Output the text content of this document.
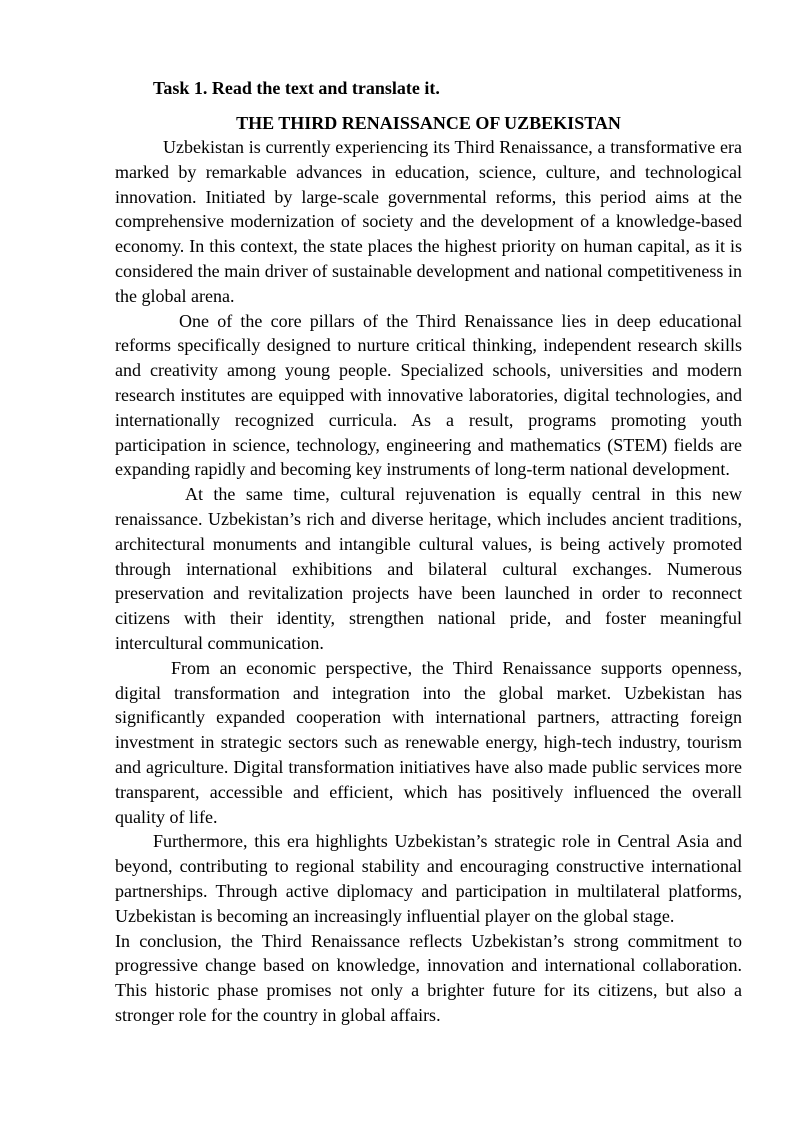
Task 1. Read the text and translate it.
THE THIRD RENAISSANCE OF UZBEKISTAN

Uzbekistan is currently experiencing its Third Renaissance, a transformative era marked by remarkable advances in education, science, culture, and technological innovation. Initiated by large-scale governmental reforms, this period aims at the comprehensive modernization of society and the development of a knowledge-based economy. In this context, the state places the highest priority on human capital, as it is considered the main driver of sustainable development and national competitiveness in the global arena.

One of the core pillars of the Third Renaissance lies in deep educational reforms specifically designed to nurture critical thinking, independent research skills and creativity among young people. Specialized schools, universities and modern research institutes are equipped with innovative laboratories, digital technologies, and internationally recognized curricula. As a result, programs promoting youth participation in science, technology, engineering and mathematics (STEM) fields are expanding rapidly and becoming key instruments of long-term national development.

At the same time, cultural rejuvenation is equally central in this new renaissance. Uzbekistan’s rich and diverse heritage, which includes ancient traditions, architectural monuments and intangible cultural values, is being actively promoted through international exhibitions and bilateral cultural exchanges. Numerous preservation and revitalization projects have been launched in order to reconnect citizens with their identity, strengthen national pride, and foster meaningful intercultural communication.

From an economic perspective, the Third Renaissance supports openness, digital transformation and integration into the global market. Uzbekistan has significantly expanded cooperation with international partners, attracting foreign investment in strategic sectors such as renewable energy, high-tech industry, tourism and agriculture. Digital transformation initiatives have also made public services more transparent, accessible and efficient, which has positively influenced the overall quality of life.

Furthermore, this era highlights Uzbekistan’s strategic role in Central Asia and beyond, contributing to regional stability and encouraging constructive international partnerships. Through active diplomacy and participation in multilateral platforms, Uzbekistan is becoming an increasingly influential player on the global stage.

In conclusion, the Third Renaissance reflects Uzbekistan’s strong commitment to progressive change based on knowledge, innovation and international collaboration. This historic phase promises not only a brighter future for its citizens, but also a stronger role for the country in global affairs.
